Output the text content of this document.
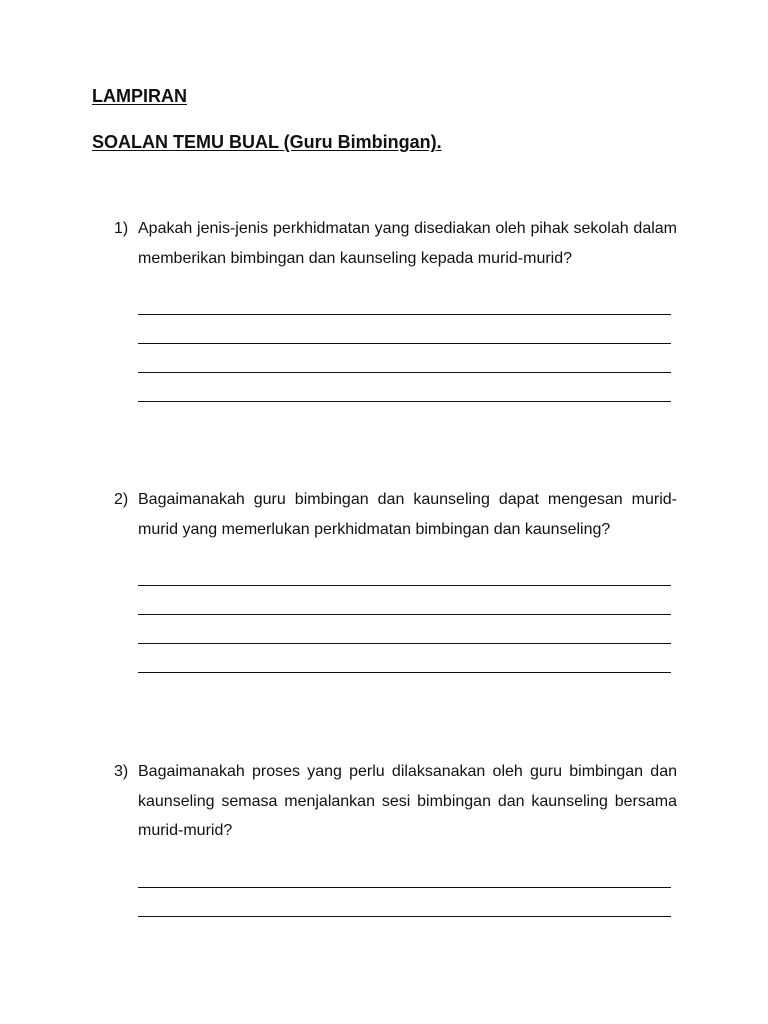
LAMPIRAN
SOALAN TEMU BUAL (Guru Bimbingan).
1) Apakah jenis-jenis perkhidmatan yang disediakan oleh pihak sekolah dalam memberikan bimbingan dan kaunseling kepada murid-murid?
2) Bagaimanakah guru bimbingan dan kaunseling dapat mengesan murid-murid yang memerlukan perkhidmatan bimbingan dan kaunseling?
3) Bagaimanakah proses yang perlu dilaksanakan oleh guru bimbingan dan kaunseling semasa menjalankan sesi bimbingan dan kaunseling bersama murid-murid?
